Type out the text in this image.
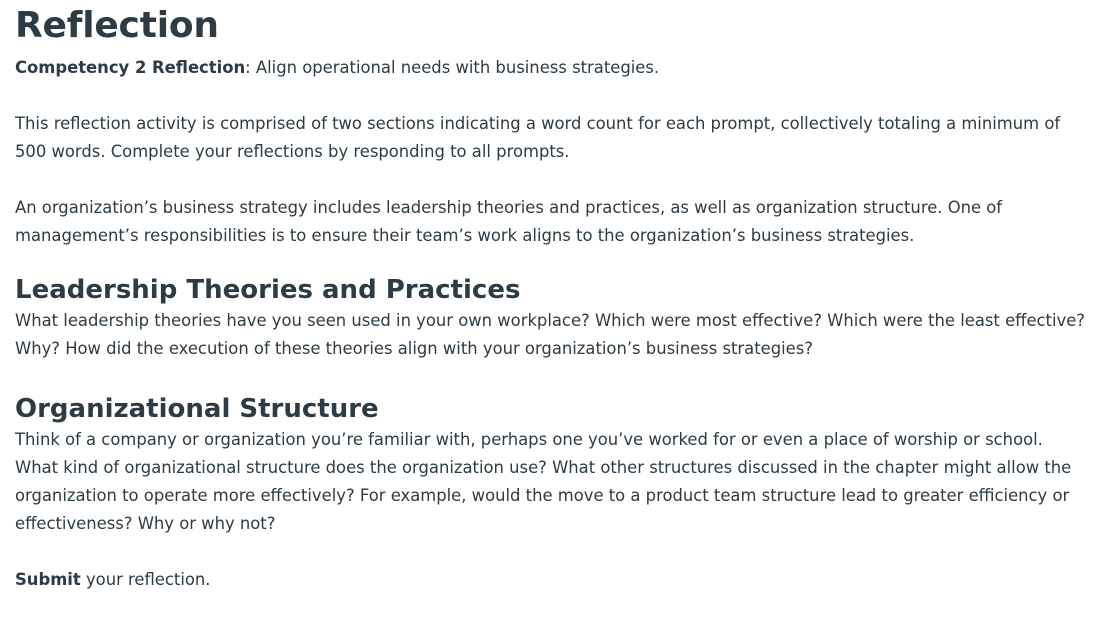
Reflection

Competency 2 Reflection: Align operational needs with business strategies.

This reflection activity is comprised of two sections indicating a word count for each prompt, collectively totaling a minimum of 500 words. Complete your reflections by responding to all prompts.

An organization’s business strategy includes leadership theories and practices, as well as organization structure. One of management’s responsibilities is to ensure their team’s work aligns to the organization’s business strategies.

Leadership Theories and Practices

What leadership theories have you seen used in your own workplace? Which were most effective? Which were the least effective? Why? How did the execution of these theories align with your organization’s business strategies?

Organizational Structure

Think of a company or organization you’re familiar with, perhaps one you’ve worked for or even a place of worship or school. What kind of organizational structure does the organization use? What other structures discussed in the chapter might allow the organization to operate more effectively? For example, would the move to a product team structure lead to greater efficiency or effectiveness? Why or why not?

Submit your reflection.
